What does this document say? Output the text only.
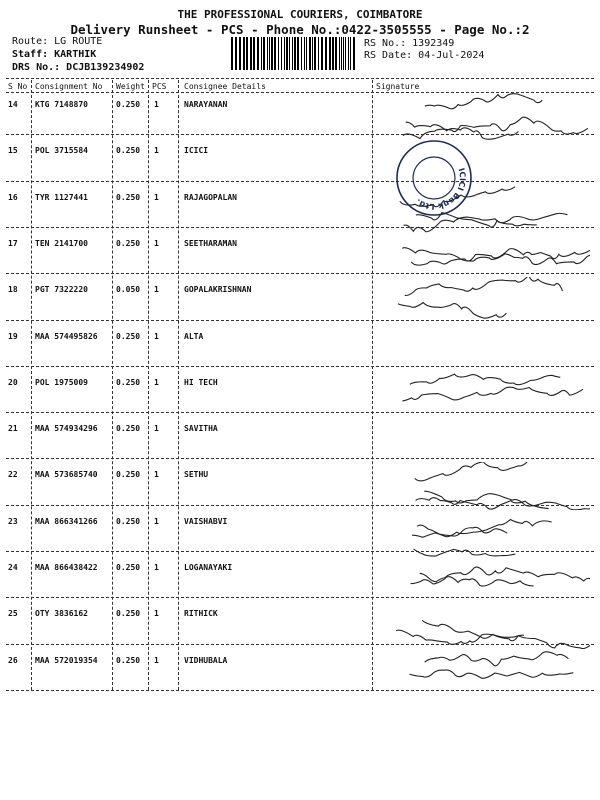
THE PROFESSIONAL COURIERS, COIMBATORE
Delivery Runsheet - PCS - Phone No.:0422-3505555 - Page No.:2
Route: LG ROUTE
Staff: KARTHIK
DRS No.: DCJB139234902
RS No.: 1392349
RS Date: 04-Jul-2024
S No Consignment No Weight PCS Consignee Details	Signature
14 KTG 7148870	0.250 1	NARAYANAN
15 POL 3715584	0.250 1	ICICI
16 TYR 1127441	0.250 1	RAJAGOPALAN
17 TEN 2141700	0.250 1	SEETHARAMAN
18 PGT 7322220	0.050 1	GOPALAKRISHNAN
19 MAA 574495826 0.250 1	ALTA
20 POL 1975009	0.250 1	HI TECH
21 MAA 574934296 0.250 1	SAVITHA
22 MAA 573685740 0.250 1	SETHU
23 MAA 866341266 0.250 1	VAISHABVI
24 MAA 866438422 0.250 1	LOGANAYAKI
25 OTY 3836162	0.250 1	RITHICK
26 MAA 572019354 0.250 1	VIDHUBALA
ICICI Bank Ltd.
